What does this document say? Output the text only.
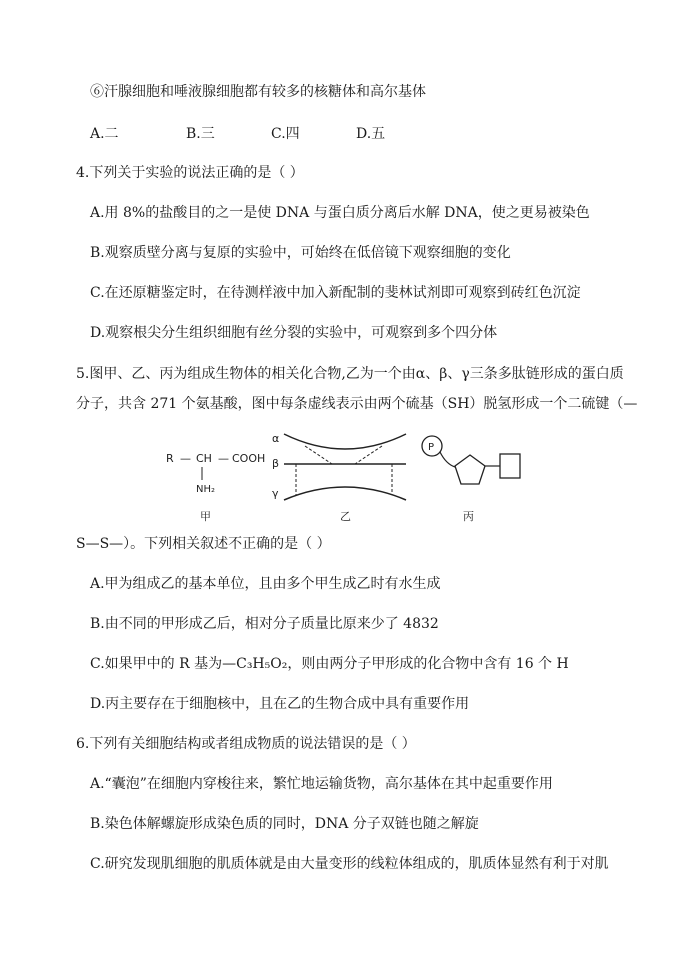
⑥汗腺细胞和唾液腺细胞都有较多的核糖体和高尔基体
A.二	B.三	C.四	D.五
4.下列关于实验的说法正确的是（ ）
A.用 8%的盐酸目的之一是使 DNA 与蛋白质分离后水解 DNA，使之更易被染色
B.观察质壁分离与复原的实验中，可始终在低倍镜下观察细胞的变化
C.在还原糖鉴定时，在待测样液中加入新配制的斐林试剂即可观察到砖红色沉淀
D.观察根尖分生组织细胞有丝分裂的实验中，可观察到多个四分体
5.图甲、乙、丙为组成生物体的相关化合物,乙为一个由α、β、γ三条多肽链形成的蛋白质
分子，共含 271 个氨基酸，图中每条虚线表示由两个硫基（SH）脱氢形成一个二硫键（—
R — CH — COOH
NH₂
甲
α
β
γ
乙
P
丙
S—S—）。下列相关叙述不正确的是（ ）
A.甲为组成乙的基本单位，且由多个甲生成乙时有水生成
B.由不同的甲形成乙后，相对分子质量比原来少了 4832
C.如果甲中的 R 基为—C₃H₅O₂，则由两分子甲形成的化合物中含有 16 个 H
D.丙主要存在于细胞核中，且在乙的生物合成中具有重要作用
6.下列有关细胞结构或者组成物质的说法错误的是（ ）
A.“囊泡”在细胞内穿梭往来，繁忙地运输货物，高尔基体在其中起重要作用
B.染色体解螺旋形成染色质的同时，DNA 分子双链也随之解旋
C.研究发现肌细胞的肌质体就是由大量变形的线粒体组成的，肌质体显然有利于对肌
